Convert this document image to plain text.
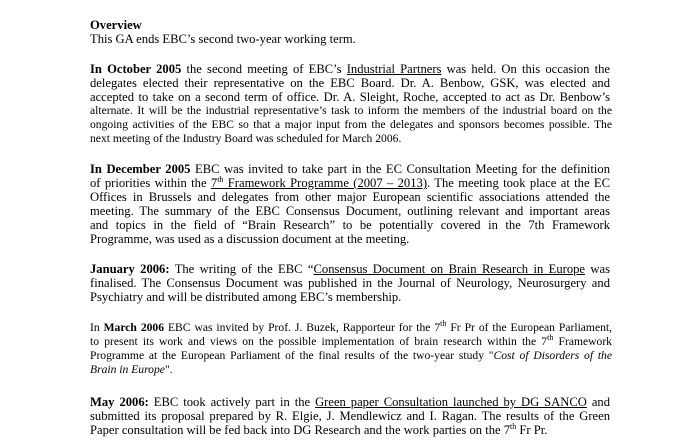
Overview

This GA ends EBC’s second two-year working term.

In October 2005 the second meeting of EBC’s Industrial Partners was held. On this occasion the

delegates elected their representative on the EBC Board. Dr. A. Benbow, GSK, was elected and

accepted to take on a second term of office. Dr. A. Sleight, Roche, accepted to act as Dr. Benbow’s

alternate. It will be the industrial representative’s task to inform the members of the industrial board on the

ongoing activities of the EBC so that a major input from the delegates and sponsors becomes possible. The

next meeting of the Industry Board was scheduled for March 2006.

In December 2005 EBC was invited to take part in the EC Consultation Meeting for the definition

of priorities within the 7th Framework Programme (2007 – 2013). The meeting took place at the EC

Offices in Brussels and delegates from other major European scientific associations attended the

meeting. The summary of the EBC Consensus Document, outlining relevant and important areas

and topics in the field of “Brain Research” to be potentially covered in the 7th Framework

Programme, was used as a discussion document at the meeting.

January 2006: The writing of the EBC “Consensus Document on Brain Research in Europe was

finalised. The Consensus Document was published in the Journal of Neurology, Neurosurgery and

Psychiatry and will be distributed among EBC’s membership.

In March 2006 EBC was invited by Prof. J. Buzek, Rapporteur for the 7th Fr Pr of the European Parliament,

to present its work and views on the possible implementation of brain research within the 7th Framework

Programme at the European Parliament of the final results of the two-year study "Cost of Disorders of the

Brain in Europe".

May 2006: EBC took actively part in the Green paper Consultation launched by DG SANCO and

submitted its proposal prepared by R. Elgie, J. Mendlewicz and I. Ragan. The results of the Green

Paper consultation will be fed back into DG Research and the work parties on the 7th Fr Pr.
